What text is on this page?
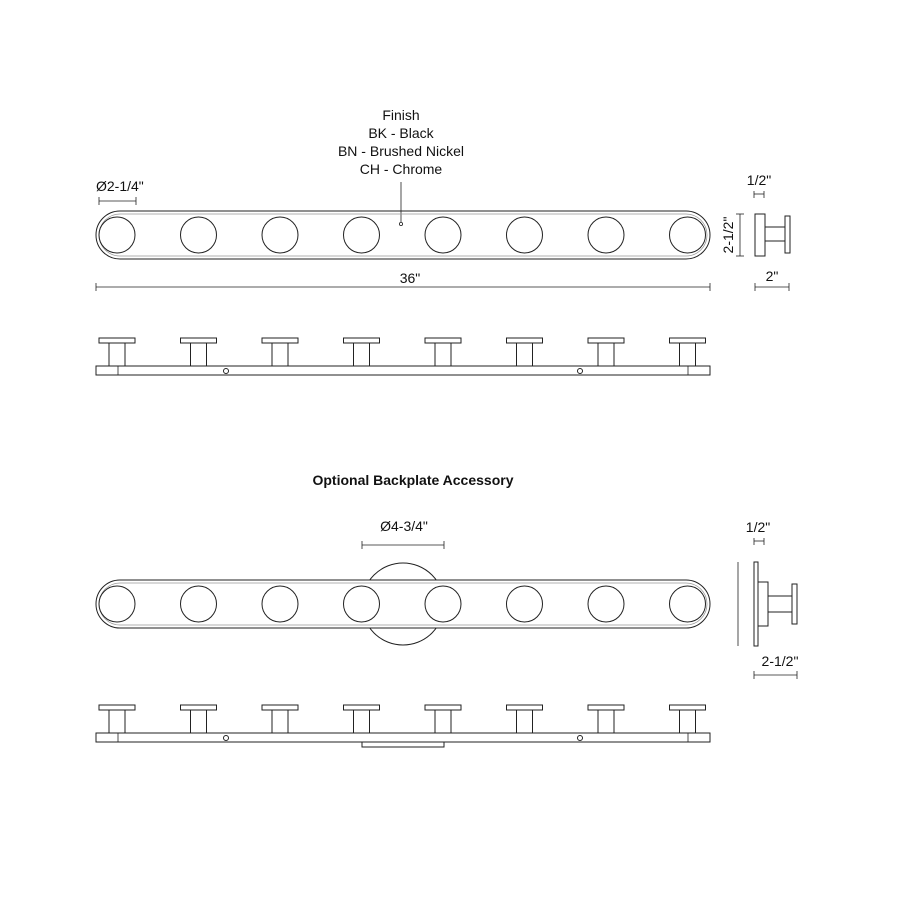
Finish
BK - Black
BN - Brushed Nickel
CH - Chrome
Ø2-1/4"
36"
1/2"
2-1/2"
2"
Optional Backplate Accessory
Ø4-3/4"	1/2"
2-1/2"
